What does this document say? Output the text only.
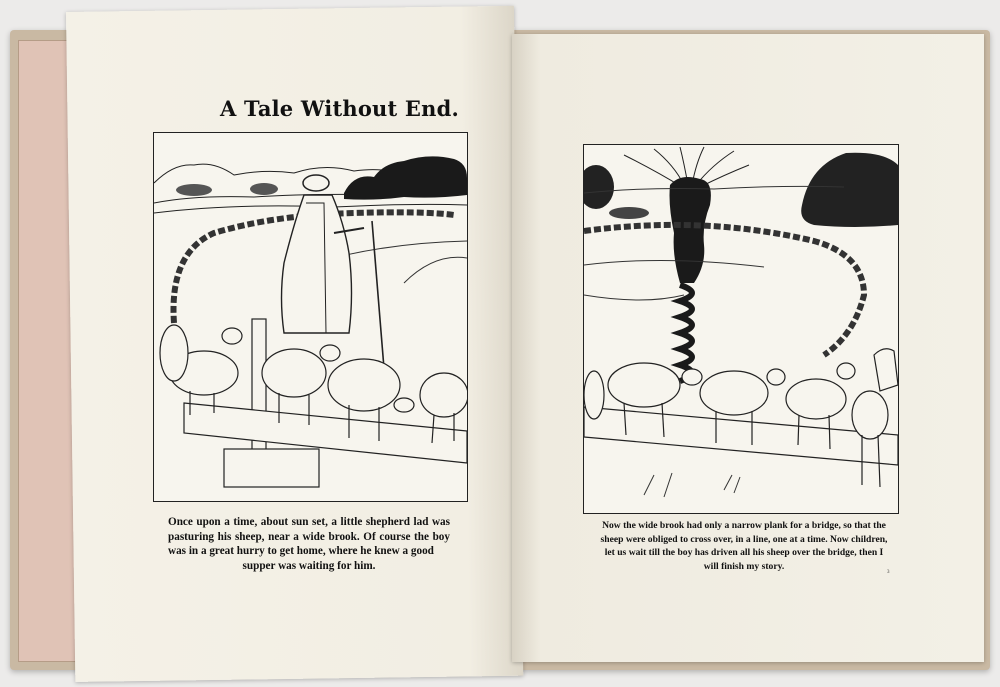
A Tale Without End.
Once upon a time, about sun set, a little shepherd lad was pasturing his sheep, near a wide brook. Of course the boy was in a great hurry to get home, where he knew a good
supper was waiting for him.
Now the wide brook had only a narrow plank for a bridge, so that the sheep were obliged to cross over, in a line, one at a time. Now children, let us wait till the boy has driven all his sheep over the bridge, then I will finish my story.
3
